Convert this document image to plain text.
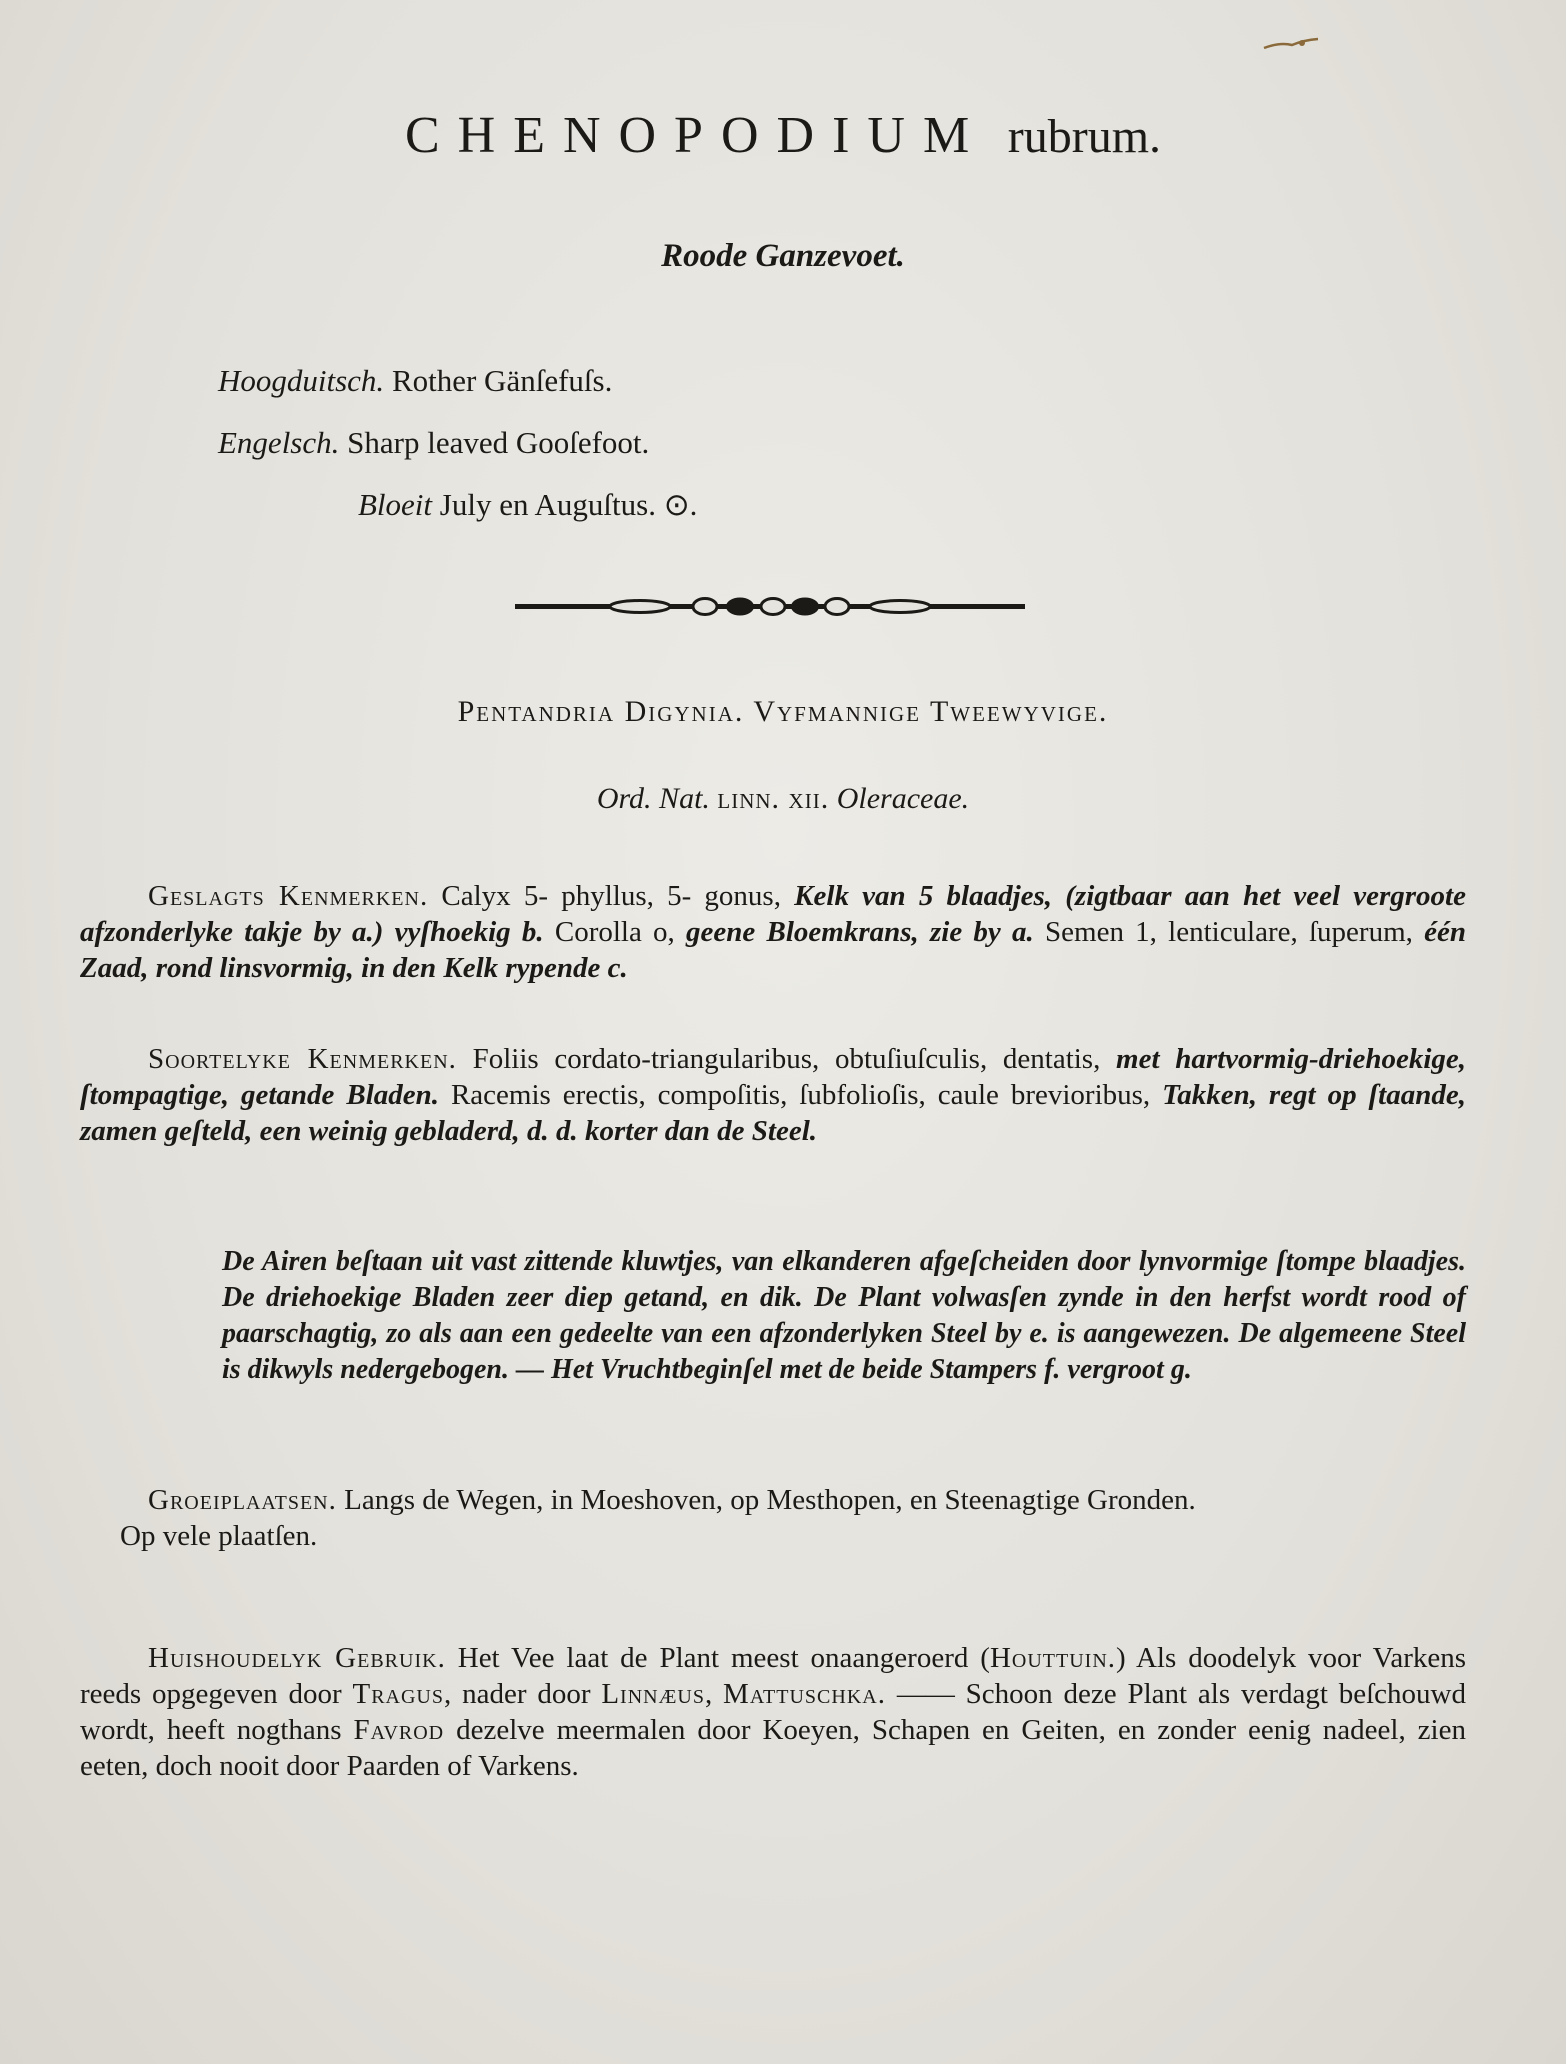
CHENOPODIUM rubrum.
Roode Ganzevoet.
Hoogduitsch. Rother Gänſefuſs.
Engelsch. Sharp leaved Gooſefoot.
Bloeit July en Auguſtus. ⊙.
Pentandria Digynia. Vyfmannige Tweewyvige.
Ord. Nat. linn. xii. Oleraceae.
Geslagts Kenmerken. Calyx 5- phyllus, 5- gonus, Kelk van 5 blaadjes, (zigtbaar aan het veel vergroote afzonderlyke takje by a.) vyſhoekig b. Corolla o, geene Bloemkrans, zie by a. Semen 1, lenticulare, ſuperum, één Zaad, rond linsvormig, in den Kelk rypende c.
Soortelyke Kenmerken. Foliis cordato-triangularibus, obtuſiuſculis, dentatis, met hartvormig-driehoekige, ſtompagtige, getande Bladen. Racemis erectis, compoſitis, ſubfolioſis, caule brevioribus, Takken, regt op ſtaande, zamen geſteld, een weinig gebladerd, d. d. korter dan de Steel.
De Airen beſtaan uit vast zittende kluwtjes, van elkanderen afgeſcheiden door lynvormige ſtompe blaadjes. De driehoekige Bladen zeer diep getand, en dik. De Plant volwasſen zynde in den herfst wordt rood of paarschagtig, zo als aan een gedeelte van een afzonderlyken Steel by e. is aangewezen. De algemeene Steel is dikwyls nedergebogen. — Het Vruchtbeginſel met de beide Stampers f. vergroot g.
Groeiplaatsen. Langs de Wegen, in Moeshoven, op Mesthopen, en Steenagtige Gronden.
Op vele plaatſen.
Huishoudelyk Gebruik. Het Vee laat de Plant meest onaangeroerd (Houttuin.) Als doodelyk voor Varkens reeds opgegeven door Tragus, nader door Linnæus, Mattuschka. —— Schoon deze Plant als verdagt beſchouwd wordt, heeft nogthans Favrod dezelve meermalen door Koeyen, Schapen en Geiten, en zonder eenig nadeel, zien eeten, doch nooit door Paarden of Varkens.
